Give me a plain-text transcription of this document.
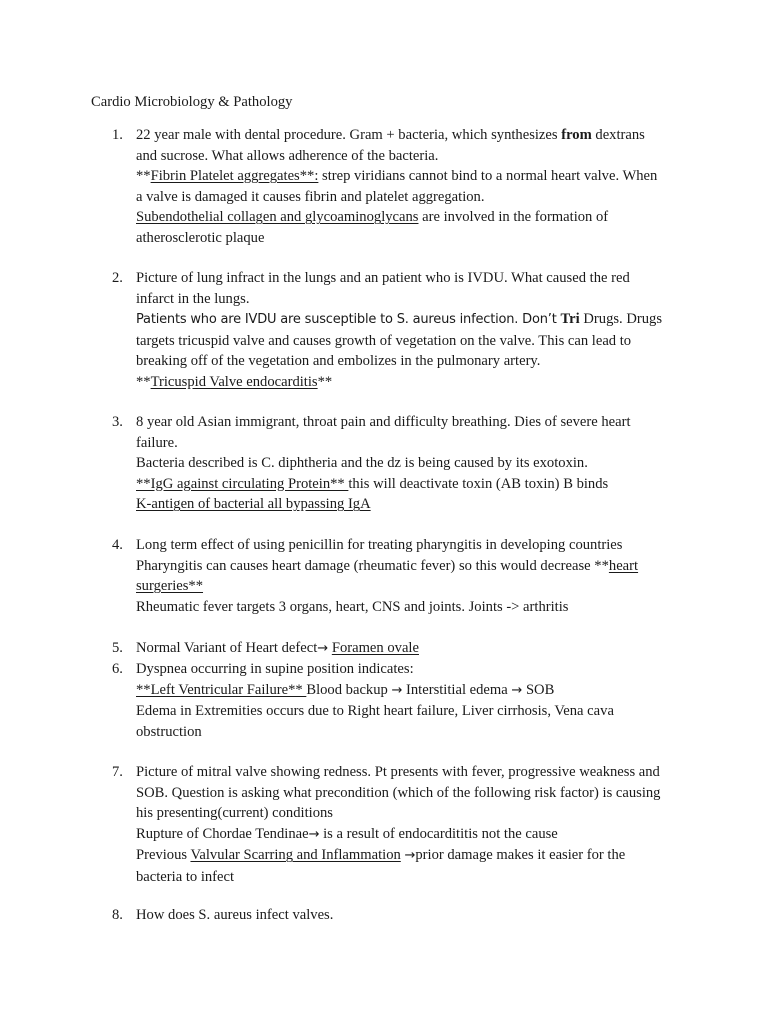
Cardio Microbiology & Pathology
1. 22 year male with dental procedure. Gram + bacteria, which synthesizes from dextrans
and sucrose. What allows adherence of the bacteria.
**Fibrin Platelet aggregates**: strep viridians cannot bind to a normal heart valve. When
a valve is damaged it causes fibrin and platelet aggregation.
Subendothelial collagen and glycoaminoglycans are involved in the formation of
atherosclerotic plaque
2. Picture of lung infract in the lungs and an patient who is IVDU. What caused the red
infarct in the lungs.
Patients who are IVDU are susceptible to S. aureus infection. Don’t Tri Drugs. Drugs
targets tricuspid valve and causes growth of vegetation on the valve. This can lead to
breaking off of the vegetation and embolizes in the pulmonary artery.
**Tricuspid Valve endocarditis**
3. 8 year old Asian immigrant, throat pain and difficulty breathing. Dies of severe heart
failure.
Bacteria described is C. diphtheria and the dz is being caused by its exotoxin.
**IgG against circulating Protein** this will deactivate toxin (AB toxin) B binds
K-antigen of bacterial all bypassing IgA
4. Long term effect of using penicillin for treating pharyngitis in developing countries
Pharyngitis can causes heart damage (rheumatic fever) so this would decrease **heart
surgeries**
Rheumatic fever targets 3 organs, heart, CNS and joints. Joints -> arthritis
5. Normal Variant of Heart defect→ Foramen ovale
6. Dyspnea occurring in supine position indicates:
**Left Ventricular Failure** Blood backup → Interstitial edema → SOB
Edema in Extremities occurs due to Right heart failure, Liver cirrhosis, Vena cava
obstruction
7. Picture of mitral valve showing redness. Pt presents with fever, progressive weakness and
SOB. Question is asking what precondition (which of the following risk factor) is causing
his presenting(current) conditions
Rupture of Chordae Tendinae→ is a result of endocardititis not the cause
Previous Valvular Scarring and Inflammation →prior damage makes it easier for the
bacteria to infect
8. How does S. aureus infect valves.
